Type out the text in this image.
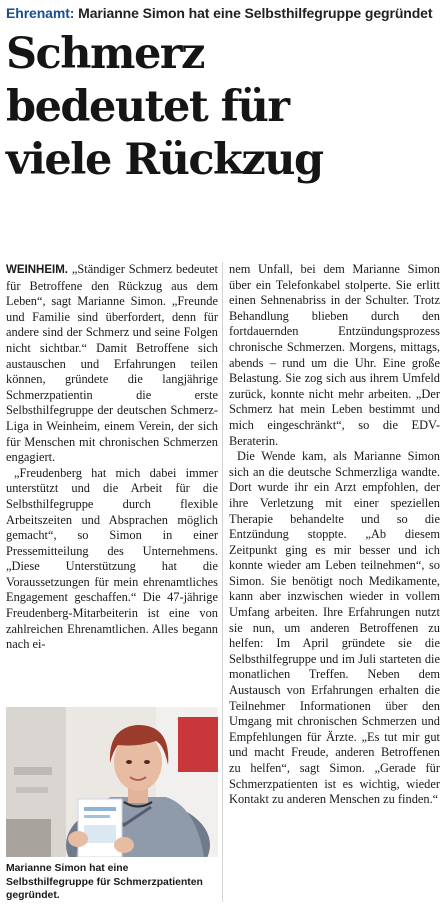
Ehrenamt: Marianne Simon hat eine Selbsthilfegruppe gegründet
Schmerz
bedeutet für
viele Rückzug

WEINHEIM. „Ständiger Schmerz bedeutet für Betroffene den Rückzug aus dem Leben“, sagt Marianne Simon. „Freunde und Familie sind überfordert, denn für andere sind der Schmerz und seine Folgen nicht sichtbar.“ Damit Betroffene sich austauschen und Erfahrungen teilen können, gründete die langjährige Schmerzpatientin die erste Selbsthilfegruppe der deutschen Schmerz-Liga in Weinheim, einem Verein, der sich für Menschen mit chronischen Schmerzen engagiert.

„Freudenberg hat mich dabei immer unterstützt und die Arbeit für die Selbsthilfegruppe durch flexible Arbeitszeiten und Absprachen möglich gemacht“, so Simon in einer Pressemitteilung des Unternehmens. „Diese Unterstützung hat die Voraussetzungen für mein ehrenamtliches Engagement geschaffen.“ Die 47-jährige Freudenberg-Mitarbeiterin ist eine von zahlreichen Ehrenamtlichen. Alles begann nach ei-

nem Unfall, bei dem Marianne Simon über ein Telefonkabel stolperte. Sie erlitt einen Sehnenabriss in der Schulter. Trotz Behandlung blieben durch den fortdauernden Entzündungsprozess chronische Schmerzen. Morgens, mittags, abends – rund um die Uhr. Eine große Belastung. Sie zog sich aus ihrem Umfeld zurück, konnte nicht mehr arbeiten. „Der Schmerz hat mein Leben bestimmt und mich eingeschränkt“, so die EDV-Beraterin.

Die Wende kam, als Marianne Simon sich an die deutsche Schmerzliga wandte. Dort wurde ihr ein Arzt empfohlen, der ihre Verletzung mit einer speziellen Therapie behandelte und so die Entzündung stoppte. „Ab diesem Zeitpunkt ging es mir besser und ich konnte wieder am Leben teilnehmen“, so Simon. Sie benötigt noch Medikamente, kann aber inzwischen wieder in vollem Umfang arbeiten. Ihre Erfahrungen nutzt sie nun, um anderen Betroffenen zu helfen: Im April gründete sie die Selbsthilfegruppe und im Juli starteten die monatlichen Treffen. Neben dem Austausch von Erfahrungen erhalten die Teilnehmer Informationen über den Umgang mit chronischen Schmerzen und Empfehlungen für Ärzte. „Es tut mir gut und macht Freude, anderen Betroffenen zu helfen“, sagt Simon. „Gerade für Schmerzpatienten ist es wichtig, wieder Kontakt zu anderen Menschen zu finden.“

Marianne Simon hat eine Selbsthilfegruppe für Schmerzpatienten gegründet.
